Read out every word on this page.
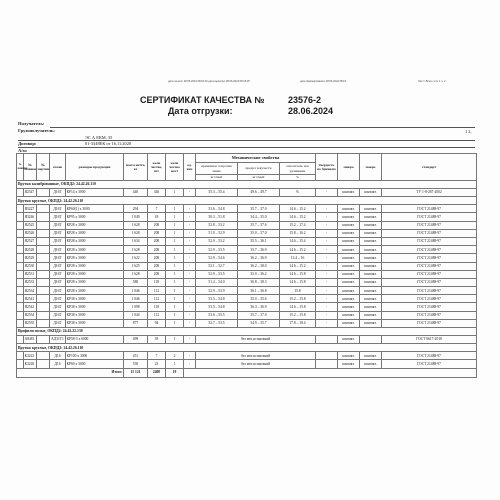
дата печати: 28.06.2024 08:15:23 дата выписки: 28.06.2024 08:15:25	дата формирования: 28.06.2024 08:15	Лист / Всего 1 из 1 л. 2
СЕРТИФИКАТ КАЧЕСТВА №	23576-2
Дата отгрузки:	28.06.2024
Получатель:
Грузополучатель:
ЭС А ЕКМ, 35
1 2,
Договор:	01-3348ЕК от 16.11.2020
А/м:
№ позиции	№ плавки	№ партии	сплав	размеры продукции	масса нетто, кг	коли чество, шт	коли чество мест	ед. изм	Механические свойства			твердость по бринелю	микро	макро	стандарт
									временное сопротив ление	предел текучести	относитель ное удлинение				
									кгс/мм2	кгс/мм2	%				
Прутки калиброванные, ОКПД2: 24.42.26.110															
	Я2347		Д16Т	КР14 х 3000	440	346	1	-	55.3 – 55.4	49.6 – 49.7	%	-	контакт.	контакт.	ТУ 1-8-267-2002
Прутки круглые, ОКПД2: 24.42.26.110															
	Я3227		Д16Т	КР60(1) х 3000	294	7	1	-	53.6 – 54.8	35.7 – 37.0	14.6 – 15.2	-	контакт.	контакт.	ГОСТ 21488-97
	Я3246		Д16Т	КР95 х 3000	1 049	18	1	-	50.3 – 51.8	34.4 – 35.0	14.6 – 15.2	-	контакт.	контакт.	ГОСТ 21488-97
	Я2525		Д16Т	КР28 х 3000	1 628	208	1	-	52.8 – 53.2	35.7 – 37.6	15.2 – 17.4	-	контакт.	контакт.	ГОСТ 21488-97
	Я2526		Д16Т	КР28 х 3000	1 628	208	1	-	51.0 – 52.9	35.0 – 37.0	15.8 – 16.2	-	контакт.	контакт.	ГОСТ 21488-97
	Я2527		Д16Т	КР28 х 3000	1 634	208	1	-	52.0 – 53.2	35.5 – 36.1	14.6 – 15.4	-	контакт.	контакт.	ГОСТ 21488-97
	Я2528		Д16Т	КР28 х 3000	1 628	208	1	-	52.9 – 53.5	35.7 – 36.9	14.6 – 15.2	-	контакт.	контакт.	ГОСТ 21488-97
	Я2529		Д16Т	КР28 х 3000	1 622	208	1	-	52.9 – 54.6	36.2 – 36.9	13.4 – 16	-	контакт.	контакт.	ГОСТ 21488-97
	Я2530		Д16Т	КР28 х 3000	1 625	208	1	-	52.1 – 52.7	36.2 – 38.0	14.6 – 15.2	-	контакт.	контакт.	ГОСТ 21488-97
	Я2531		Д16Т	КР28 х 3000	1 628	208	1	-	52.9 – 53.5	35.0 – 36.2	14.6 – 15.8	-	контакт.	контакт.	ГОСТ 21488-97
	Я2533		Д16Т	КР28 х 3000	580	118	1	-	51.4 – 54.0	36.8 – 38.3	14.6 – 15.8	-	контакт.	контакт.	ГОСТ 21488-97
	Я2534		Д16Т	КР28 х 3000	1 046	112	1	-	52.9 – 53.9	36.1 – 36.8	15.8	-	контакт.	контакт.	ГОСТ 21488-97
	Я2541		Д16Т	КР38 х 3000	1 046	112	1	-	53.5 – 54.8	35.0 – 35.6	15.2 – 15.8	-	контакт.	контакт.	ГОСТ 21488-97
	Я2542		Д16Т	КР38 х 3000	1 098	118	1	-	53.5 – 54.8	36.3 – 36.9	14.6 – 15.8	-	контакт.	контакт.	ГОСТ 21488-97
	Я2554		Д16Т	КР38 х 3000	1 044	112	1	-	53.6 – 55.5	35.7 – 37.0	15.2 – 15.8	-	контакт.	контакт.	ГОСТ 21488-97
	Я2555		Д16Т	КР38 х 3000	877	94	1	-	52.7 – 53.5	34.9 – 35.7	17.8 – 18.4	-	контакт.	контакт.	ГОСТ 21488-97
Профили полые, ОКПД2: 24.42.22.130															
	А8481		АД31Т1	КР58-3 х 6000	499	93	1	-	без мех.испытаний				контакт.		ГОСТ 8617-2018
Прутки круглые, ОКПД2: 24.42.26.110															
	К3222		Д16	КР100 х 3000	451	7	2	-	без мех.испытаний				контакт.	контакт.	ГОСТ 21488-97
	К3226		Д16	КР60 х 3000	550	23	1	-	без мех.испытаний				контакт.	контакт.	ГОСТ 21488-97
Итого:					15 121	2408	19								
